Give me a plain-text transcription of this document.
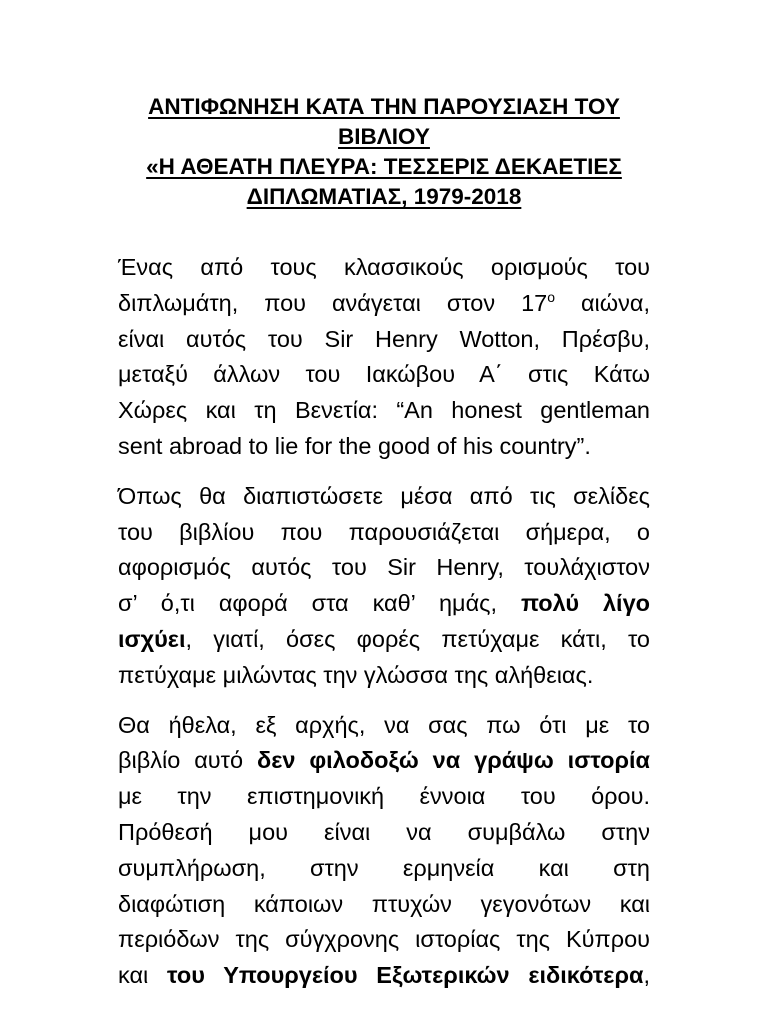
ΑΝΤΙΦΩΝΗΣΗ ΚΑΤΑ ΤΗΝ ΠΑΡΟΥΣΙΑΣΗ ΤΟΥ
ΒΙΒΛΙΟΥ
«Η ΑΘΕΑΤΗ ΠΛΕΥΡΑ: ΤΕΣΣΕΡΙΣ ΔΕΚΑΕΤΙΕΣ
ΔΙΠΛΩΜΑΤΙΑΣ, 1979-2018
Ένας από τους κλασσικούς ορισμούς του
διπλωμάτη, που ανάγεται στον $17^o$ αιώνα,
είναι αυτός του Sir Henry Wotton, Πρέσβυ,
μεταξύ άλλων του Ιακώβου Α΄ στις Κάτω
Χώρες και τη Βενετία: “An honest gentleman
sent abroad to lie for the good of his country”.
Όπως θα διαπιστώσετε μέσα από τις σελίδες
του βιβλίου που παρουσιάζεται σήμερα, ο
αφορισμός αυτός του Sir Henry, τουλάχιστον
σ’ ό,τι αφορά στα καθ’ ημάς, πολύ λίγο
ισχύει, γιατί, όσες φορές πετύχαμε κάτι, το
πετύχαμε μιλώντας την γλώσσα της αλήθειας.
Θα ήθελα, εξ αρχής, να σας πω ότι με το
βιβλίο αυτό δεν φιλοδοξώ να γράψω ιστορία
με την επιστημονική έννοια του όρου.
Πρόθεσή μου είναι να συμβάλω στην
συμπλήρωση, στην ερμηνεία και στη
διαφώτιση κάποιων πτυχών γεγονότων και
περιόδων της σύγχρονης ιστορίας της Κύπρου
και του Υπουργείου Εξωτερικών ειδικότερα,
